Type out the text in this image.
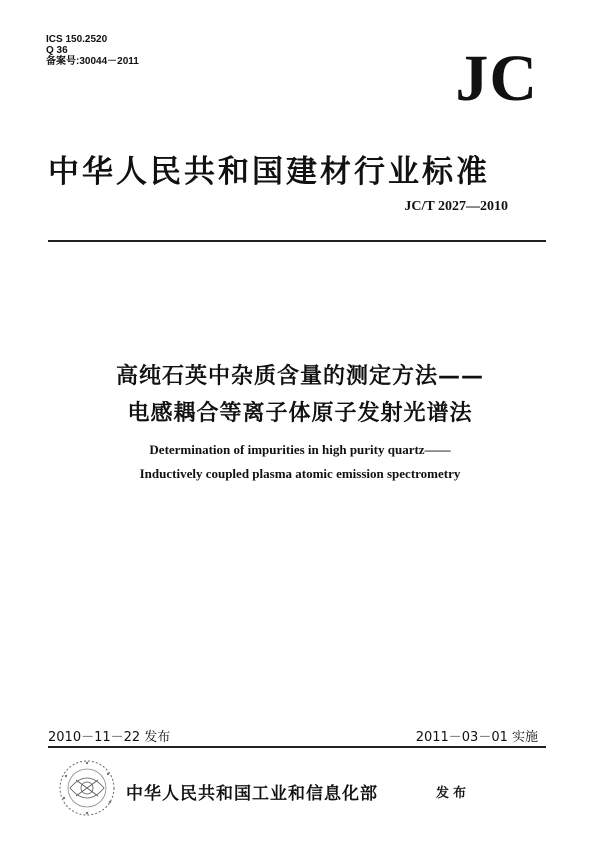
ICS 150.2520
Q 36
备案号:30044－2011	JC
中华人民共和国建材行业标准
JC/T 2027—2010
高纯石英中杂质含量的测定方法——
电感耦合等离子体原子发射光谱法
Determination of impurities in high purity quartz——
Inductively coupled plasma atomic emission spectrometry
2010－11－22 发布	2011－03－01 实施
中华人民共和国工业和信息化部	发布
